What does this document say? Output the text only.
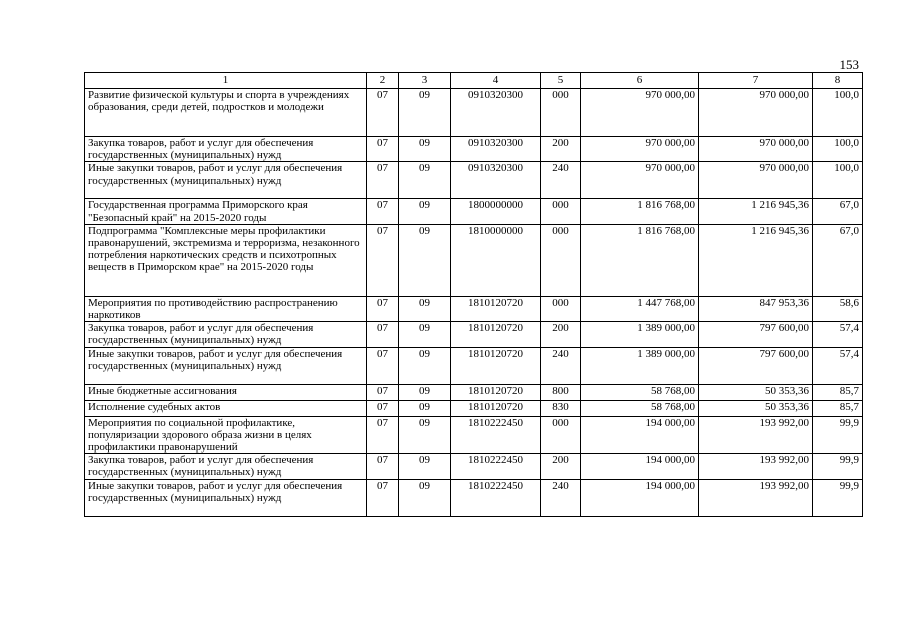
153
1	2	3	4	5	6	7	8
Развитие физической культуры и спорта в учреждениях образования, среди детей, подростков и молодежи	07	09	0910320300	000	970 000,00	970 000,00	100,0
Закупка товаров, работ и услуг для обеспечения государственных (муниципальных) нужд	07	09	0910320300	200	970 000,00	970 000,00	100,0
Иные закупки товаров, работ и услуг для обеспечения государственных (муниципальных) нужд	07	09	0910320300	240	970 000,00	970 000,00	100,0
Государственная программа Приморского края "Безопасный край" на 2015-2020 годы	07	09	1800000000	000	1 816 768,00	1 216 945,36	67,0
Подпрограмма "Комплексные меры профилактики правонарушений, экстремизма и терроризма, незаконного потребления наркотических средств и психотропных веществ в Приморском крае" на 2015-2020 годы	07	09	1810000000	000	1 816 768,00	1 216 945,36	67,0
Мероприятия по противодействию распространению наркотиков	07	09	1810120720	000	1 447 768,00	847 953,36	58,6
Закупка товаров, работ и услуг для обеспечения государственных (муниципальных) нужд	07	09	1810120720	200	1 389 000,00	797 600,00	57,4
Иные закупки товаров, работ и услуг для обеспечения государственных (муниципальных) нужд	07	09	1810120720	240	1 389 000,00	797 600,00	57,4
Иные бюджетные ассигнования	07	09	1810120720	800	58 768,00	50 353,36	85,7
Исполнение судебных актов	07	09	1810120720	830	58 768,00	50 353,36	85,7
Мероприятия по социальной профилактике, популяризации здорового образа жизни в целях профилактики правонарушений	07	09	1810222450	000	194 000,00	193 992,00	99,9
Закупка товаров, работ и услуг для обеспечения государственных (муниципальных) нужд	07	09	1810222450	200	194 000,00	193 992,00	99,9
Иные закупки товаров, работ и услуг для обеспечения государственных (муниципальных) нужд	07	09	1810222450	240	194 000,00	193 992,00	99,9
